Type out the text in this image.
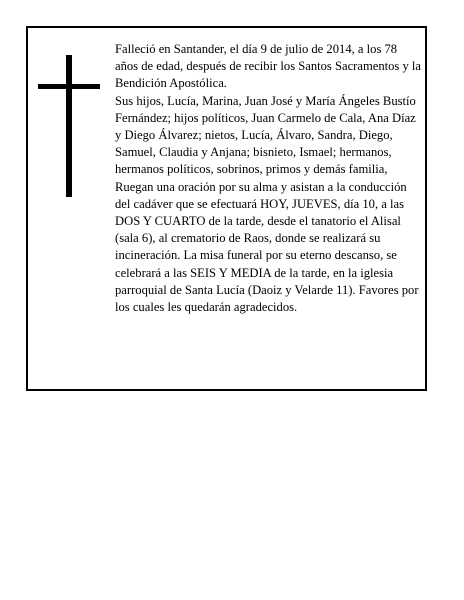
Falleció en Santander, el día 9 de julio de 2014, a los 78 años de edad, después de recibir los Santos Sacramentos y la Bendición Apostólica.

Sus hijos, Lucía, Marina, Juan José y María Ángeles Bustío Fernández; hijos políticos, Juan Carmelo de Cala, Ana Díaz y Diego Álvarez; nietos, Lucía, Álvaro, Sandra, Diego, Samuel, Claudia y Anjana; bisnieto, Ismael; hermanos, hermanos políticos, sobrinos, primos y demás familia,

Ruegan una oración por su alma y asistan a la conducción del cadáver que se efectuará HOY, JUEVES, día 10, a las DOS Y CUARTO de la tarde, desde el tanatorio el Alisal (sala 6), al crematorio de Raos, donde se realizará su incineración. La misa funeral por su eterno descanso, se celebrará a las SEIS Y MEDIA de la tarde, en la iglesia parroquial de Santa Lucía (Daoiz y Velarde 11). Favores por los cuales les quedarán agradecidos.
